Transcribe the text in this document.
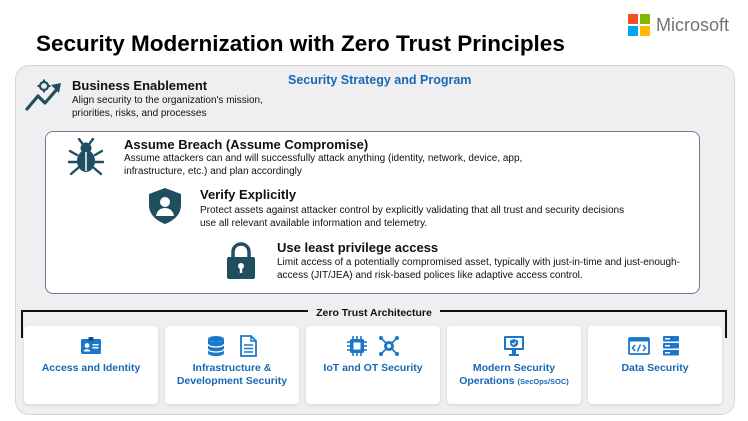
Microsoft
Security Modernization with Zero Trust Principles
Security Strategy and Program
Business Enablement
Align security to the organization's mission, priorities, risks, and processes
Assume Breach (Assume Compromise)
Assume attackers can and will successfully attack anything (identity, network, device, app, infrastructure, etc.) and plan accordingly
Verify Explicitly
Protect assets against attacker control by explicitly validating that all trust and security decisions use all relevant available information and telemetry.
Use least privilege access
Limit access of a potentially compromised asset, typically with just-in-time and just-enough-access (JIT/JEA) and risk-based polices like adaptive access control.
Zero Trust Architecture
Access and Identity	Infrastructure & Development Security
IoT and OT Security	Modern Security Operations (SecOps/SOC)
Data Security
